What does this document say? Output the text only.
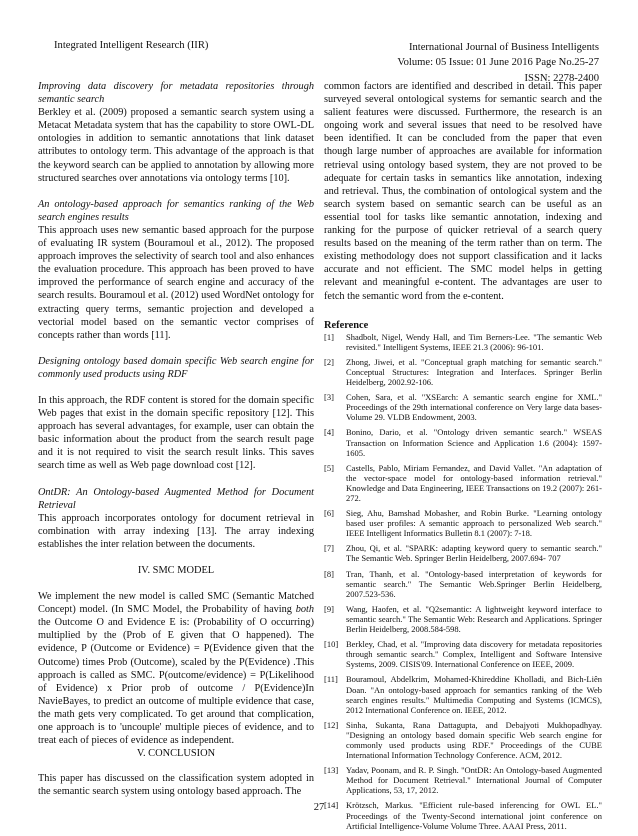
Integrated Intelligent Research (IIR)	International Journal of Business Intelligents
Volume: 05 Issue: 01 June 2016 Page No.25-27
ISSN: 2278-2400

Improving data discovery for metadata repositories through semantic search

Berkley et al. (2009) proposed a semantic search system using a Metacat Metadata system that has the capability to store OWL-DL ontologies in addition to semantic annotations that link dataset attributes to ontology term. This advantage of the approach is that the keyword search can be applied to annotation by allowing more structured searches over annotations via ontology terms [10].

An ontology-based approach for semantics ranking of the Web search engines results

This approach uses new semantic based approach for the purpose of evaluating IR system (Bouramoul et al., 2012). The proposed approach improves the selectivity of search tool and also enhances the evaluation procedure. This approach has been proved to have improved the performance of search engine and accuracy of the search results. Bouramoul et al. (2012) used WordNet ontology for extracting query terms, semantic projection and developed a vectorial model based on the semantic vector comprises of concepts rather than words [11].

Designing ontology based domain specific Web search engine for commonly used products using RDF

In this approach, the RDF content is stored for the domain specific Web pages that exist in the domain specific repository [12]. This approach has several advantages, for example, user can obtain the basic information about the product from the search result page and it is not required to visit the search result links. This saves search time as well as Web page download cost [12].

OntDR: An Ontology-based Augmented Method for Document Retrieval

This approach incorporates ontology for document retrieval in combination with array indexing [13]. The array indexing establishes the inter relation between the documents.

IV. SMC MODEL

We implement the new model is called SMC (Semantic Matched Concept) model. (In SMC Model, the Probability of having both the Outcome O and Evidence E is: (Probability of O occurring) multiplied by the (Prob of E given that O happened). The evidence, P (Outcome or Evidence) = P(Evidence given that the Outcome) times Prob (Outcome), scaled by the P(Evidence) .This approach is called as SMC. P(outcome/evidence) = P(Likelihood of Evidence) x Prior prob of outcome / P(Evidence)In NavieBayes, to predict an outcome of multiple evidence that case, the math gets very complicated. To get around that complication, one approach is to 'uncouple' multiple pieces of evidence, and to treat each of pieces of evidence as independent.

V. CONCLUSION

This paper has discussed on the classification system adopted in the semantic search system using ontology based approach. The

common factors are identified and described in detail. This paper surveyed several ontological systems for semantic search and the salient features were discussed. Furthermore, the research is an ongoing work and several issues that need to be resolved have been identified. It can be concluded from the paper that even though large number of approaches are available for information retrieval using ontology based system, they are not proved to be adequate for certain tasks in semantics like annotation, indexing and retrieval. Thus, the combination of ontological system and the search system based on semantic search can be useful as an essential tool for tasks like semantic annotation, indexing and ranking for the purpose of quicker retrieval of a search query results based on the meaning of the term rather than on term. The existing methodology does not support classification and it lacks accurate and not efficient. The SMC model helps in getting relevant and meaningful e-content. The advantages are user to fetch the semantic word from the e-content.

Reference

[1]	Shadbolt, Nigel, Wendy Hall, and Tim Berners-Lee. "The semantic Web revisited." Intelligent Systems, IEEE 21.3 (2006): 96-101.
[2]	Zhong, Jiwei, et al. "Conceptual graph matching for semantic search." Conceptual Structures: Integration and Interfaces. Springer Berlin Heidelberg, 2002.92-106.
[3]	Cohen, Sara, et al. "XSEarch: A semantic search engine for XML." Proceedings of the 29th international conference on Very large data bases-Volume 29. VLDB Endowment, 2003.
[4]	Bonino, Dario, et al. "Ontology driven semantic search." WSEAS Transaction on Information Science and Application 1.6 (2004): 1597-1605.
[5]	Castells, Pablo, Miriam Fernandez, and David Vallet. "An adaptation of the vector-space model for ontology-based information retrieval." Knowledge and Data Engineering, IEEE Transactions on 19.2 (2007): 261-272.
[6]	Sieg, Ahu, Bamshad Mobasher, and Robin Burke. "Learning ontology based user profiles: A semantic approach to personalized Web search." IEEE Intelligent Informatics Bulletin 8.1 (2007): 7-18.
[7]	Zhou, Qi, et al. "SPARK: adapting keyword query to semantic search." The Semantic Web. Springer Berlin Heidelberg, 2007.694- 707
[8]	Tran, Thanh, et al. "Ontology-based interpretation of keywords for semantic search." The Semantic Web.Springer Berlin Heidelberg, 2007.523-536.
[9]	Wang, Haofen, et al. "Q2semantic: A lightweight keyword interface to semantic search." The Semantic Web: Research and Applications. Springer Berlin Heidelberg, 2008.584-598.
[10] Berkley, Chad, et al. "Improving data discovery for metadata repositories through semantic search." Complex, Intelligent and Software Intensive Systems, 2009. CISIS'09. International Conference on IEEE, 2009.
[11] Bouramoul, Abdelkrim, Mohamed-Khireddine Kholladi, and Bich-Liên Doan. "An ontology-based approach for semantics ranking of the Web search engines results." Multimedia Computing and Systems (ICMCS), 2012 International Conference on. IEEE, 2012.
[12] Sinha, Sukanta, Rana Dattagupta, and Debajyoti Mukhopadhyay. "Designing an ontology based domain specific Web search engine for commonly used products using RDF." Proceedings of the CUBE International Information Technology Conference. ACM, 2012.
[13] Yadav, Poonam, and R. P. Singh. "OntDR: An Ontology-based Augmented Method for Document Retrieval." International Journal of Computer Applications, 53, 17, 2012.
[14] Krötzsch, Markus. "Efficient rule-based inferencing for OWL EL." Proceedings of the Twenty-Second international joint conference on Artificial Intelligence-Volume Volume Three. AAAI Press, 2011.
27
